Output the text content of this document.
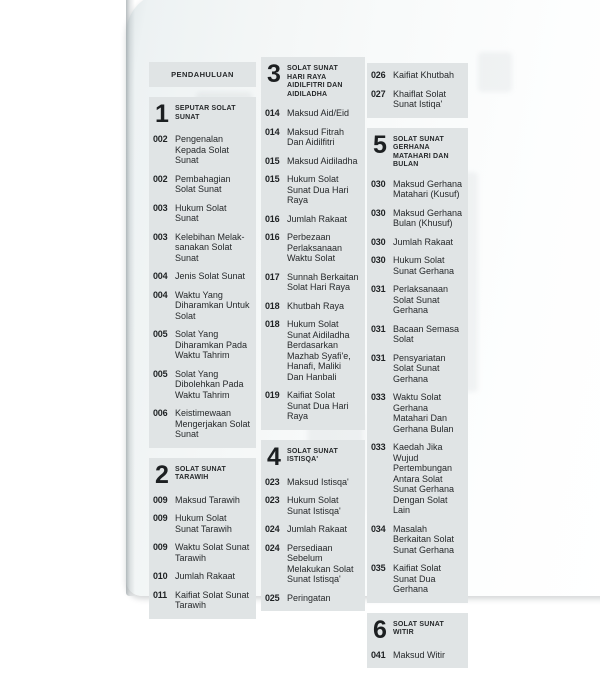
PENDAHULUAN
1	SEPUTAR SOLAT SUNAT
002 Pengenalan Kepada Solat Sunat
002 Pembahagian Solat Sunat
003 Hukum Solat Sunat
003 Kelebihan Melak-sanakan Solat Sunat
004 Jenis Solat Sunat
004 Waktu Yang Diharamkan Untuk Solat
005 Solat Yang Diharamkan Pada Waktu Tahrim
005 Solat Yang Dibolehkan Pada Waktu Tahrim
006 Keistimewaan Mengerjakan Solat Sunat
2	SOLAT SUNAT TARAWIH
009 Maksud Tarawih
009 Hukum Solat Sunat Tarawih
009 Waktu Solat Sunat Tarawih
010 Jumlah Rakaat
011 Kaifiat Solat Sunat Tarawih
3	SOLAT SUNAT HARI RAYA AIDILFITRI DAN AIDILADHA
014 Maksud Aid/Eid
014 Maksud Fitrah Dan Aidilfitri
015 Maksud Aidiladha
015 Hukum Solat Sunat Dua Hari Raya
016 Jumlah Rakaat
016 Perbezaan Perlaksanaan Waktu Solat
017 Sunnah Berkaitan Solat Hari Raya
018 Khutbah Raya
018 Hukum Solat Sunat Aidiladha Berdasarkan Mazhab Syafi'e, Hanafi, Maliki Dan Hanbali
019 Kaifiat Solat Sunat Dua Hari Raya
4	SOLAT SUNAT ISTISQA'
023 Maksud Istisqa'
023 Hukum Solat Sunat Istisqa'
024 Jumlah Rakaat
024 Persediaan Sebelum Melakukan Solat Sunat Istisqa'
025 Peringatan
026 Kaifiat Khutbah
027 Khaiflat Solat Sunat Istiqa'
5	SOLAT SUNAT GERHANA MATAHARI DAN BULAN
030 Maksud Gerhana Matahari (Kusuf)
030 Maksud Gerhana Bulan (Khusuf)
030 Jumlah Rakaat
030 Hukum Solat Sunat Gerhana
031 Perlaksanaan Solat Sunat Gerhana
031 Bacaan Semasa Solat
031 Pensyariatan Solat Sunat Gerhana
033 Waktu Solat Gerhana Matahari Dan Gerhana Bulan
033 Kaedah Jika Wujud Pertembungan Antara Solat Sunat Gerhana Dengan Solat Lain
034 Masalah Berkaitan Solat Sunat Gerhana
035 Kaifiat Solat Sunat Dua Gerhana
6	SOLAT SUNAT WITIR
041 Maksud Witir
